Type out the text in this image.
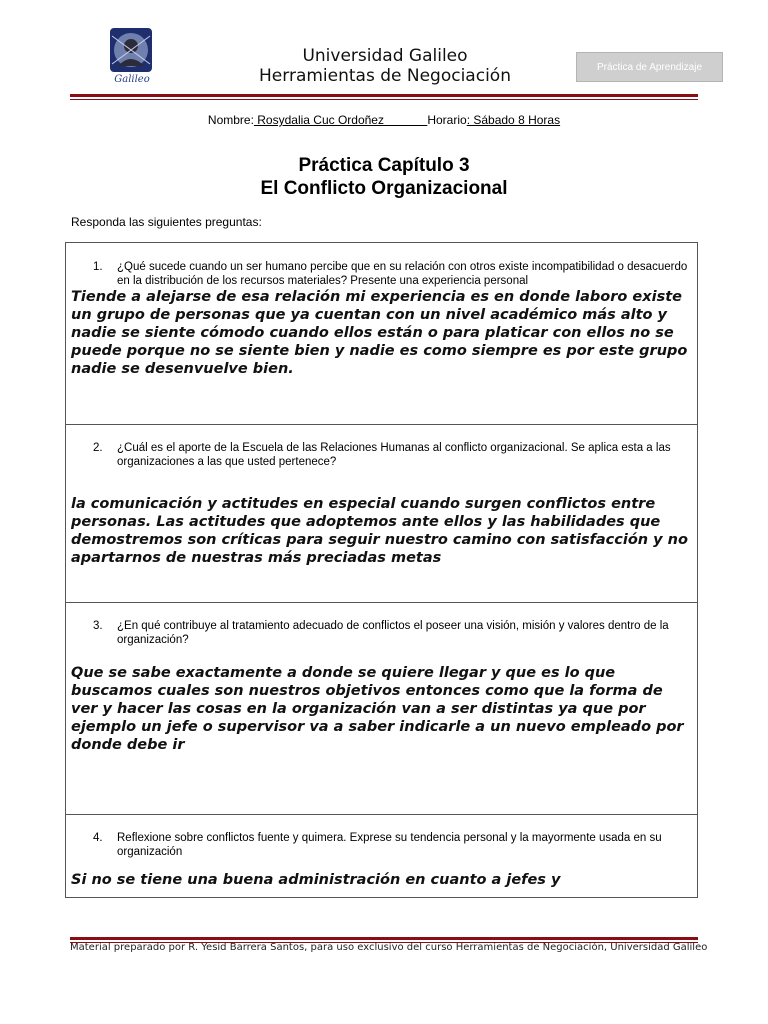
Galileo
Universidad Galileo
Herramientas de Negociación	Práctica de Aprendizaje
Nombre: Rosydalia Cuc Ordoñez             Horario: Sábado 8 Horas
Práctica Capítulo 3
El Conflicto Organizacional
Responda las siguientes preguntas:
1.	¿Qué sucede cuando un ser humano percibe que en su relación con otros existe incompatibilidad o desacuerdo en la distribución de los recursos materiales? Presente una experiencia personal
Tiende a alejarse de esa relación mi experiencia es en donde laboro existe un grupo de personas que ya cuentan con un nivel académico más alto y nadie se siente cómodo cuando ellos están o para platicar con ellos no se puede porque no se siente bien y nadie es como siempre es por este grupo nadie se desenvuelve bien.
2.	¿Cuál es el aporte de la Escuela de las Relaciones Humanas al conflicto organizacional. Se aplica esta a las organizaciones a las que usted pertenece?
la comunicación y actitudes en especial cuando surgen conflictos entre personas. Las actitudes que adoptemos ante ellos y las habilidades que demostremos son críticas para seguir nuestro camino con satisfacción y no apartarnos de nuestras más preciadas metas
3.	¿En qué contribuye al tratamiento adecuado de conflictos el poseer una visión, misión y valores dentro de la organización?
Que se sabe exactamente a donde se quiere llegar y que es lo que buscamos cuales son nuestros objetivos entonces como que la forma de ver y hacer las cosas en la organización van a ser distintas ya que por ejemplo un jefe o supervisor va a saber indicarle a un nuevo empleado por donde debe ir
4.	Reflexione sobre conflictos fuente y quimera. Exprese su tendencia personal y la mayormente usada en su organización
Si no se tiene una buena administración en cuanto a jefes y
Material preparado por R. Yesid Barrera Santos, para uso exclusivo del curso Herramientas de Negociación, Universidad Galileo
